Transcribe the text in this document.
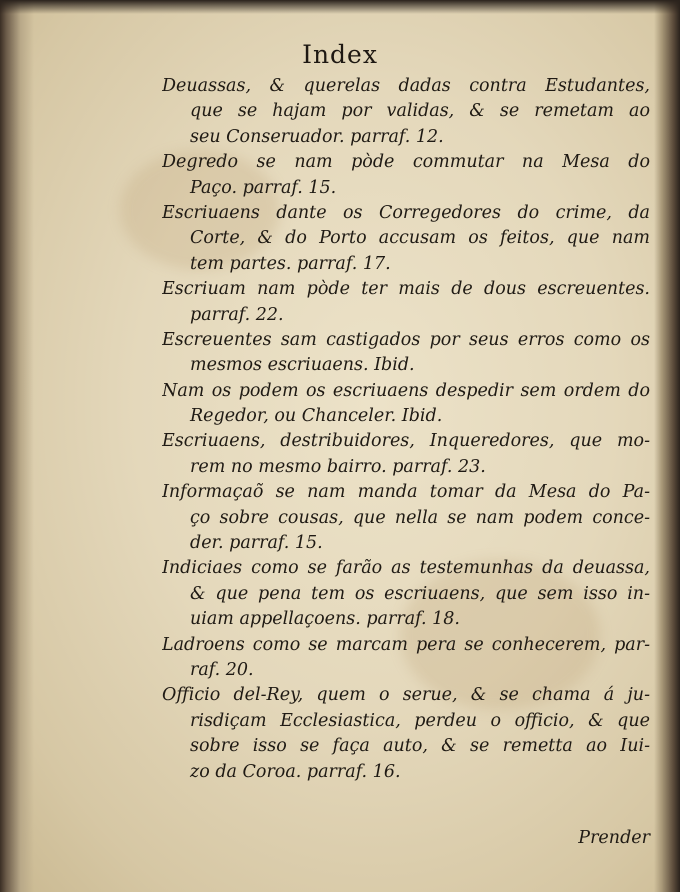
Index
Deuassas, & querelas dadas contra Estudantes,
que se hajam por validas, & se remetam ao
seu Conseruador. parraf. 12.
Degredo se nam pòde commutar na Mesa do
Paço. parraf. 15.
Escriuaens dante os Corregedores do crime, da
Corte, & do Porto accusam os feitos, que nam
tem partes. parraf. 17.
Escriuam nam pòde ter mais de dous escreuentes.
parraf. 22.
Escreuentes sam castigados por seus erros como os
mesmos escriuaens. Ibid.
Nam os podem os escriuaens despedir sem ordem do
Regedor, ou Chanceler. Ibid.
Escriuaens, destribuidores, Inqueredores, que mo-
rem no mesmo bairro. parraf. 23.
Informaçaõ se nam manda tomar da Mesa do Pa-
ço sobre cousas, que nella se nam podem conce-
der. parraf. 15.
Indiciaes como se farão as testemunhas da deuassa,
& que pena tem os escriuaens, que sem isso in-
uiam appellaçoens. parraf. 18.
Ladroens como se marcam pera se conhecerem, par-
raf. 20.
Officio del-Rey, quem o serue, & se chama á ju-
risdiçam Ecclesiastica, perdeu o officio, & que
sobre isso se faça auto, & se remetta ao Iui-
zo da Coroa. parraf. 16.
Prender
